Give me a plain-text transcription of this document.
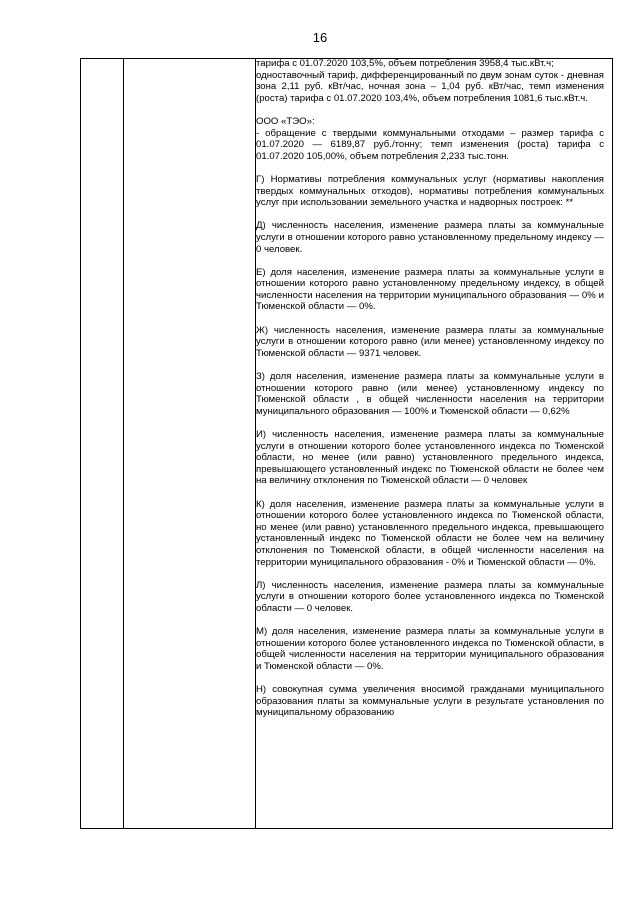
16

тарифа с 01.07.2020 103,5%, объем потребления 3958,4 тыс.кВт.ч;
одноставочный тариф, дифференцированный по двум зонам суток - дневная зона 2,11 руб. кВт/час, ночная зона – 1,04 руб. кВт/час, темп изменения (роста) тарифа с 01.07.2020 103,4%, объем потребления 1081,6 тыс.кВт.ч.

ООО «ТЭО»:
- обращение с твердыми коммунальными отходами – размер тарифа с 01.07.2020 — 6189,87 руб./тонну; темп изменения (роста) тарифа с 01.07.2020 105,00%, объем потребления 2,233 тыс.тонн.

Г) Нормативы потребления коммунальных услуг (нормативы накопления твердых коммунальных отходов), нормативы потребления коммунальных услуг при использовании земельного участка и надворных построек: **

Д) численность населения, изменение размера платы за коммунальные услуги в отношении которого равно установленному предельному индексу — 0 человек.

Е) доля населения, изменение размера платы за коммунальные услуги в отношении которого равно установленному предельному индексу, в общей численности населения на территории муниципального образования — 0% и Тюменской области — 0%.

Ж) численность населения, изменение размера платы за коммунальные услуги в отношении которого равно (или менее) установленному индексу по Тюменской области — 9371 человек.

З) доля населения, изменение размера платы за коммунальные услуги в отношении которого равно (или менее) установленному индексу по Тюменской области , в общей численности населения на территории муниципального образования — 100% и Тюменской области — 0,62%

И) численность населения, изменение размера платы за коммунальные услуги в отношении которого более установленного индекса по Тюменской области, но менее (или равно) установленного предельного индекса, превышающего установленный индекс по Тюменской области не более чем на величину отклонения по Тюменской области — 0 человек

К) доля населения, изменение размера платы за коммунальные услуги в отношении которого более установленного индекса по Тюменской области, но менее (или равно) установленного предельного индекса, превышающего установленный индекс по Тюменской области не более чем на величину отклонения по Тюменской области, в общей численности населения на территории муниципального образования - 0% и Тюменской области — 0%.

Л) численность населения, изменение размера платы за коммунальные услуги в отношении которого более установленного индекса по Тюменской области — 0 человек.

М) доля населения, изменение размера платы за коммунальные услуги в отношении которого более установленного индекса по Тюменской области, в общей численности населения на территории муниципального образования и Тюменской области — 0%.

Н) совокупная сумма увеличения вносимой гражданами муниципального образования платы за коммунальные услуги в результате установления по муниципальному образованию
